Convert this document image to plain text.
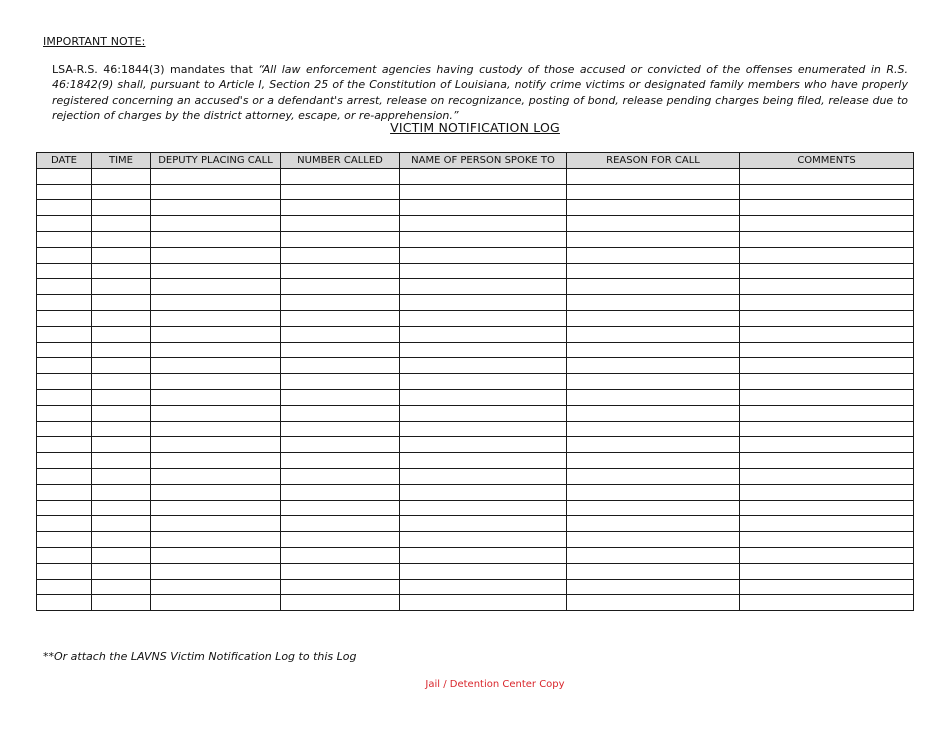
IMPORTANT NOTE:
LSA-R.S. 46:1844(3) mandates that “All law enforcement agencies having custody of those accused or convicted of the offenses enumerated in R.S. 46:1842(9) shall, pursuant to Article I, Section 25 of the Constitution of Louisiana, notify crime victims or designated family members who have properly registered concerning an accused's or a defendant's arrest, release on recognizance, posting of bond, release pending charges being filed, release due to rejection of charges by the district attorney, escape, or re-apprehension.”
VICTIM NOTIFICATION LOG
DATE	TIME	DEPUTY PLACING CALL	NUMBER CALLED	NAME OF PERSON SPOKE TO	REASON FOR CALL	COMMENTS

**Or attach the LAVNS Victim Notification Log to this Log
Jail / Detention Center Copy
